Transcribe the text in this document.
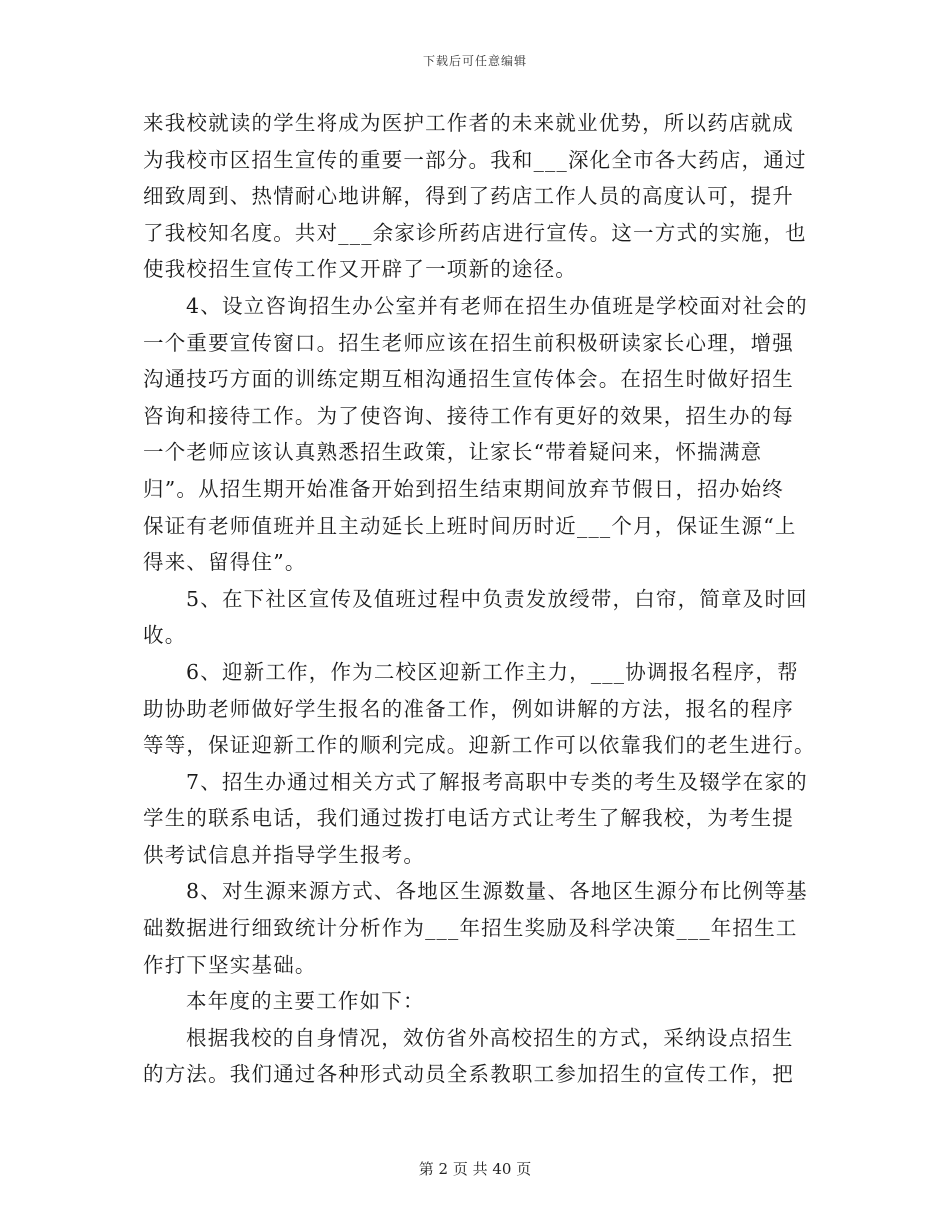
下载后可任意编辑
来我校就读的学生将成为医护工作者的未来就业优势，所以药店就成
为我校市区招生宣传的重要一部分。我和___深化全市各大药店，通过
细致周到、热情耐心地讲解，得到了药店工作人员的高度认可，提升
了我校知名度。共对___余家诊所药店进行宣传。这一方式的实施，也
使我校招生宣传工作又开辟了一项新的途径。
4、设立咨询招生办公室并有老师在招生办值班是学校面对社会的
一个重要宣传窗口。招生老师应该在招生前积极研读家长心理，增强
沟通技巧方面的训练定期互相沟通招生宣传体会。在招生时做好招生
咨询和接待工作。为了使咨询、接待工作有更好的效果，招生办的每
一个老师应该认真熟悉招生政策，让家长“带着疑问来，怀揣满意
归”。从招生期开始准备开始到招生结束期间放弃节假日，招办始终
保证有老师值班并且主动延长上班时间历时近___个月，保证生源“上
得来、留得住”。
5、在下社区宣传及值班过程中负责发放绶带，白帘，简章及时回
收。
6、迎新工作，作为二校区迎新工作主力，___协调报名程序，帮
助协助老师做好学生报名的准备工作，例如讲解的方法，报名的程序
等等，保证迎新工作的顺利完成。迎新工作可以依靠我们的老生进行。
7、招生办通过相关方式了解报考高职中专类的考生及辍学在家的
学生的联系电话，我们通过拨打电话方式让考生了解我校，为考生提
供考试信息并指导学生报考。
8、对生源来源方式、各地区生源数量、各地区生源分布比例等基
础数据进行细致统计分析作为___年招生奖励及科学决策___年招生工
作打下坚实基础。
本年度的主要工作如下：
根据我校的自身情况，效仿省外高校招生的方式，采纳设点招生
的方法。我们通过各种形式动员全系教职工参加招生的宣传工作，把
第 2 页 共 40 页
